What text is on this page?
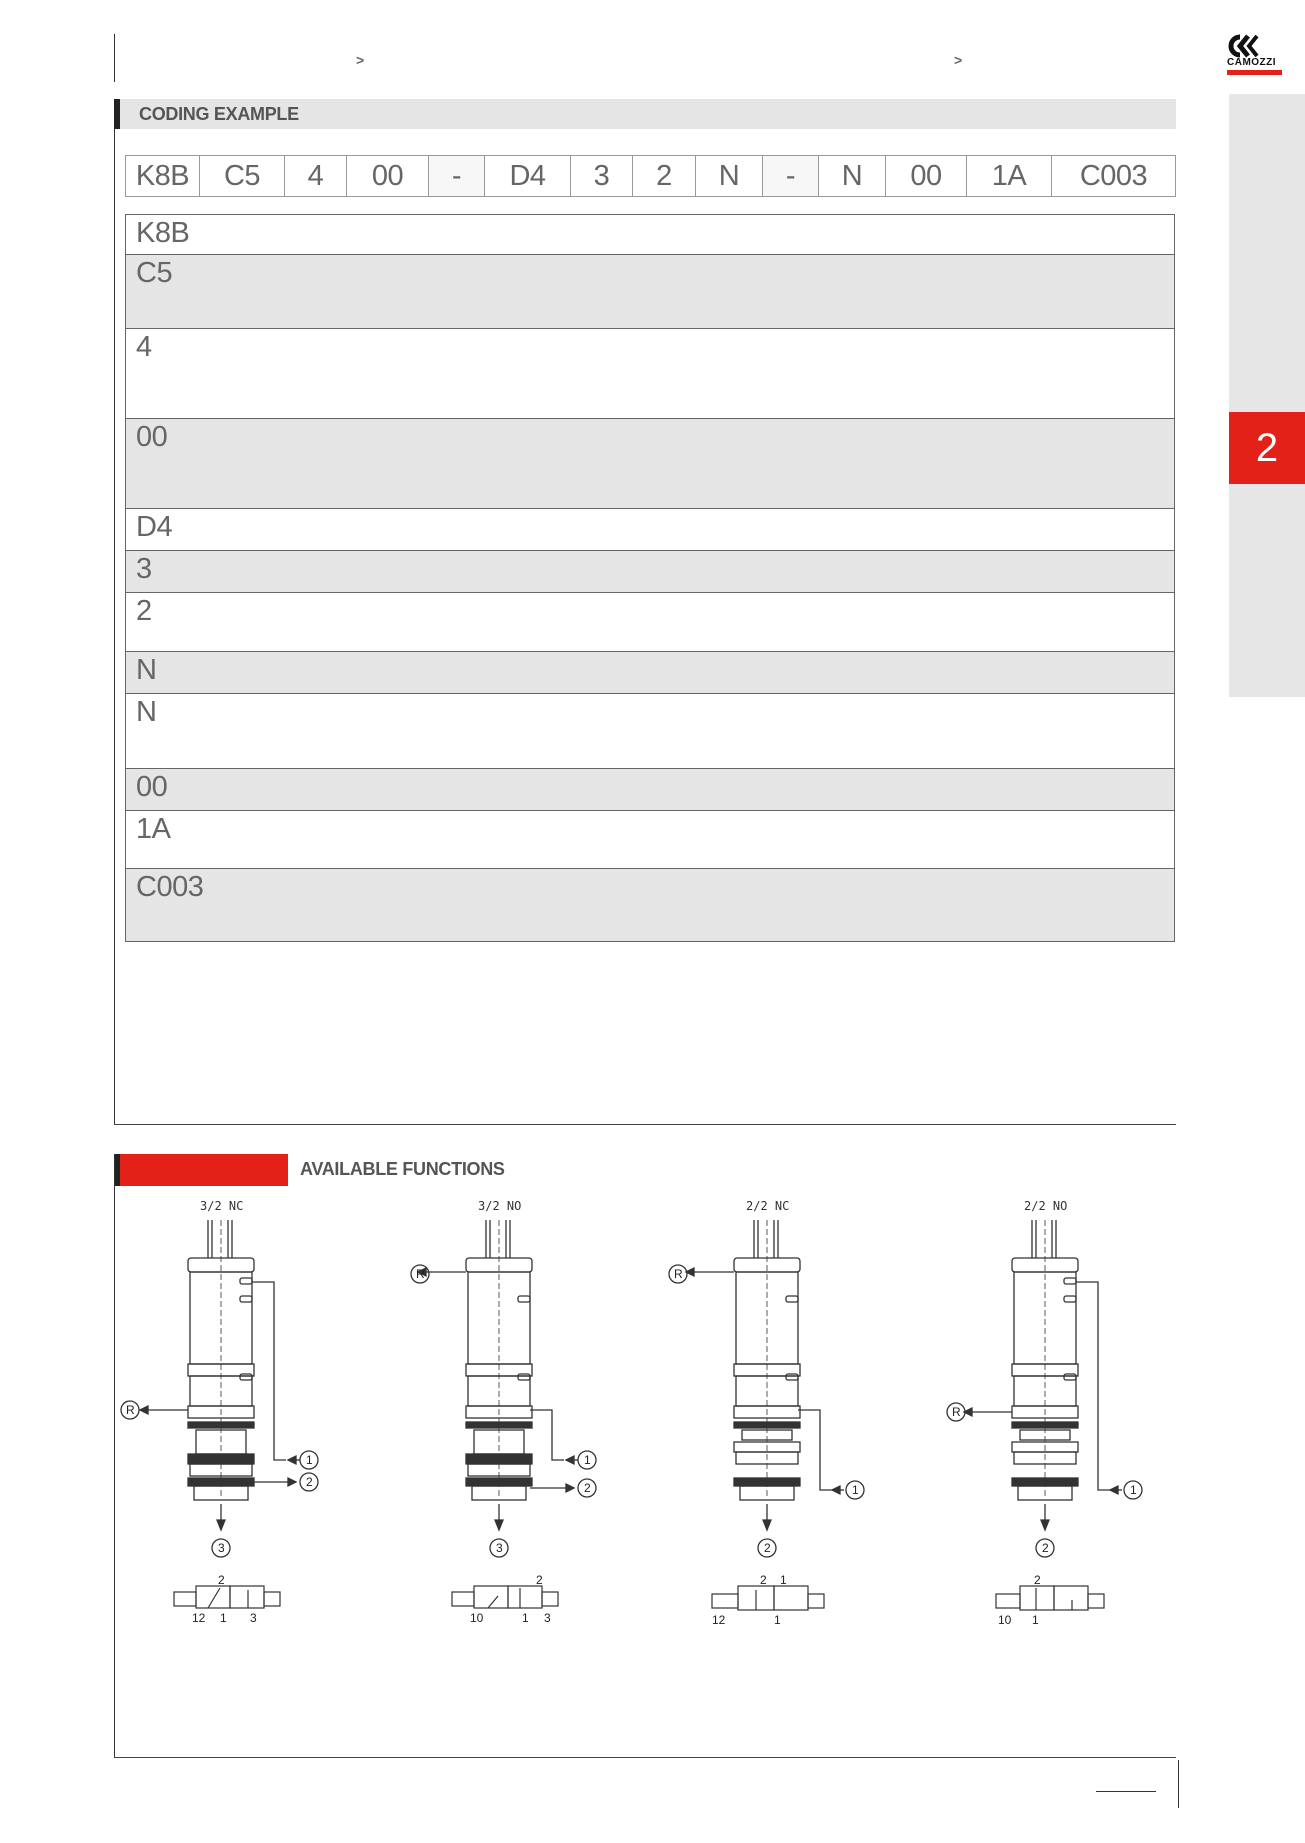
>	>	CAMOZZI
2
CODING EXAMPLE
K8B	C5	4	00	-	D4	3	2	N	-	N	00	1A	C003
K8B
C5
4
00
D4
3
2
N
N
00
1A
C003
AVAILABLE FUNCTIONS
3/2 NC
R
1
2
3
2
12 1 3
3/2 NO
R
1
2
3
2
10	1 3
2/2 NC
R
1
2
2 1
12	1
2/2 NO
R
1
2
2
10 1
